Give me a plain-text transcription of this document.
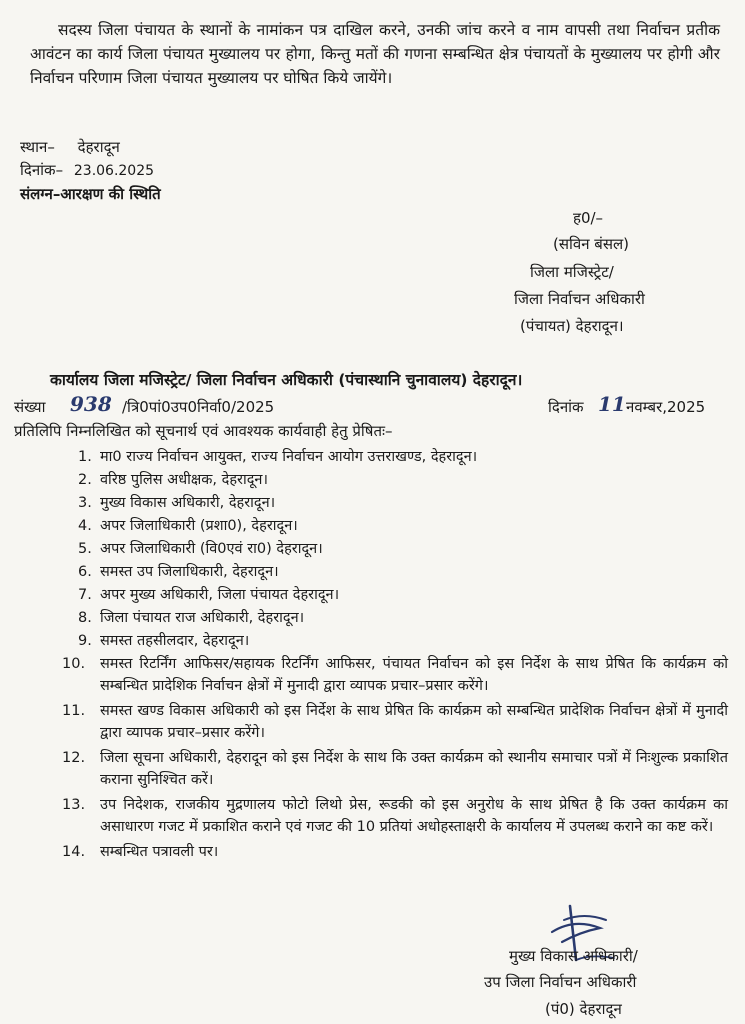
सदस्य जिला पंचायत के स्थानों के नामांकन पत्र दाखिल करने, उनकी जांच करने व नाम वापसी तथा निर्वाचन प्रतीक आवंटन का कार्य जिला पंचायत मुख्यालय पर होगा, किन्तु मतों की गणना सम्बन्धित क्षेत्र पंचायतों के मुख्यालय पर होगी और निर्वाचन परिणाम जिला पंचायत मुख्यालय पर घोषित किये जायेंगे।

स्थान– देहरादून
दिनांक– 23.06.2025
संलग्न–आरक्षण की स्थिति
ह0/–
(सविन बंसल)
जिला मजिस्ट्रेट/
जिला निर्वाचन अधिकारी
(पंचायत) देहरादून।
कार्यालय जिला मजिस्ट्रेट/ जिला निर्वाचन अधिकारी (पंचास्थानि चुनावालय) देहरादून।
संख्या 938 /त्रि0पां0उप0निर्वा0/2025	दिनांक 11 नवम्बर,2025
प्रतिलिपि निम्नलिखित को सूचनार्थ एवं आवश्यक कार्यवाही हेतु प्रेषितः–
1. मा0 राज्य निर्वाचन आयुक्त, राज्य निर्वाचन आयोग उत्तराखण्ड, देहरादून।
2. वरिष्ठ पुलिस अधीक्षक, देहरादून।
3. मुख्य विकास अधिकारी, देहरादून।
4. अपर जिलाधिकारी (प्रशा0), देहरादून।
5. अपर जिलाधिकारी (वि0एवं रा0) देहरादून।
6. समस्त उप जिलाधिकारी, देहरादून।
7. अपर मुख्य अधिकारी, जिला पंचायत देहरादून।
8. जिला पंचायत राज अधिकारी, देहरादून।
9. समस्त तहसीलदार, देहरादून।
10.	समस्त रिटर्निंग आफिसर/सहायक रिटर्निंग आफिसर, पंचायत निर्वाचन को इस निर्देश के साथ प्रेषित कि कार्यक्रम को सम्बन्धित प्रादेशिक निर्वाचन क्षेत्रों में मुनादी द्वारा व्यापक प्रचार–प्रसार करेंगे।
11.	समस्त खण्ड विकास अधिकारी को इस निर्देश के साथ प्रेषित कि कार्यक्रम को सम्बन्धित प्रादेशिक निर्वाचन क्षेत्रों में मुनादी द्वारा व्यापक प्रचार–प्रसार करेंगे।
12.	जिला सूचना अधिकारी, देहरादून को इस निर्देश के साथ कि उक्त कार्यक्रम को स्थानीय समाचार पत्रों में निःशुल्क प्रकाशित कराना सुनिश्चित करें।
13.	उप निदेशक, राजकीय मुद्रणालय फोटो लिथो प्रेस, रूडकी को इस अनुरोध के साथ प्रेषित है कि उक्त कार्यक्रम का असाधारण गजट में प्रकाशित कराने एवं गजट की 10 प्रतियां अधोहस्ताक्षरी के कार्यालय में उपलब्ध कराने का कष्ट करें।
14.	सम्बन्धित पत्रावली पर।
मुख्य विकास अधिकारी/
उप जिला निर्वाचन अधिकारी
(पं0) देहरादून
